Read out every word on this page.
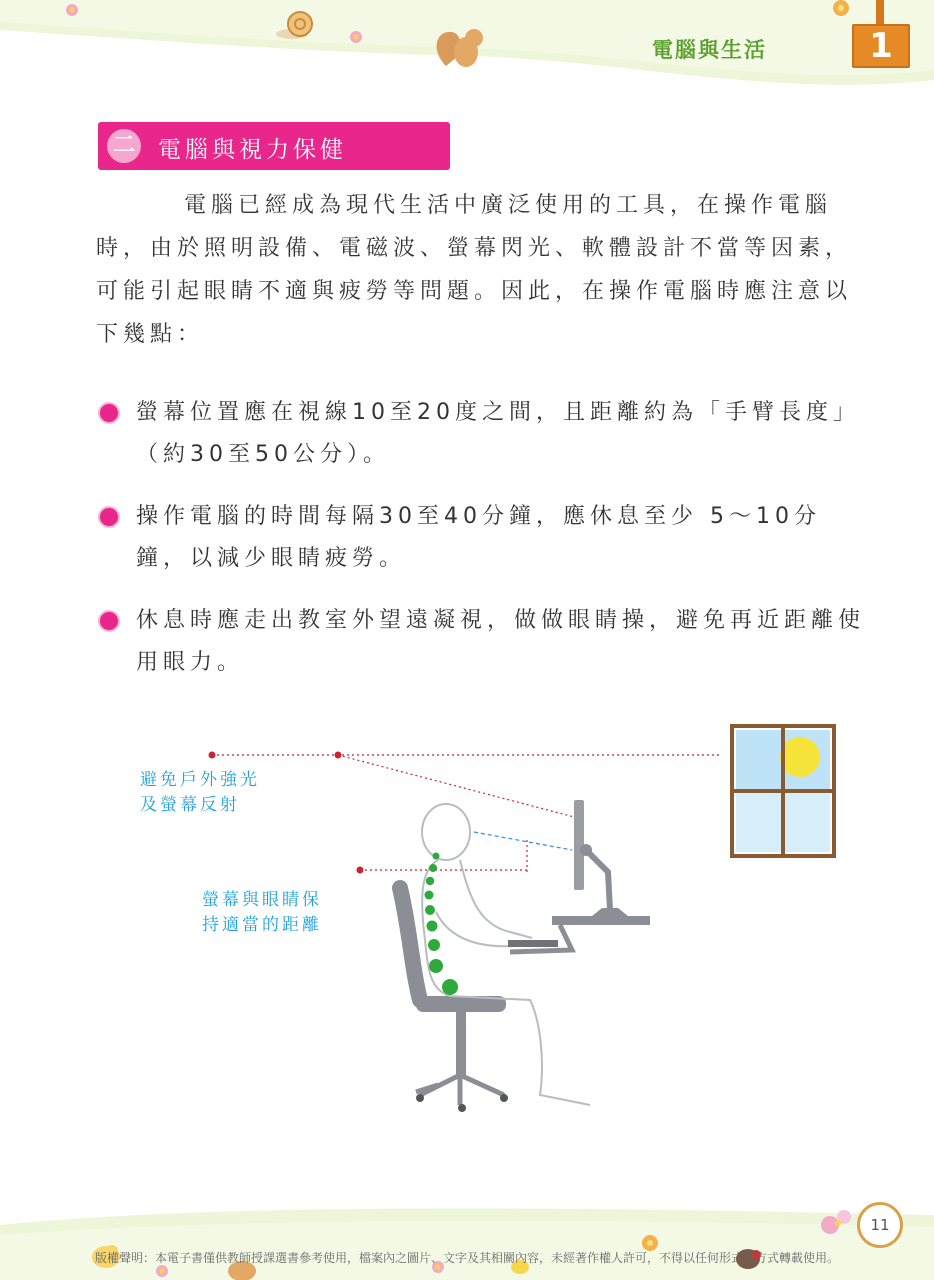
電腦與生活	1
二 電腦與視力保健

電腦已經成為現代生活中廣泛使用的工具，在操作電腦時，由於照明設備、電磁波、螢幕閃光、軟體設計不當等因素，可能引起眼睛不適與疲勞等問題。因此，在操作電腦時應注意以下幾點：

螢幕位置應在視線10至20度之間，且距離約為「手臂長度」（約30至50公分）。
操作電腦的時間每隔30至40分鐘，應休息至少 5～10分鐘，以減少眼睛疲勞。
休息時應走出教室外望遠凝視，做做眼睛操，避免再近距離使用眼力。
避免戶外強光
及螢幕反射
螢幕與眼睛保
持適當的距離
11
版權聲明：本電子書僅供教師授課選書參考使用，檔案內之圖片、文字及其相關內容，未經著作權人許可，不得以任何形式或方式轉載使用。
